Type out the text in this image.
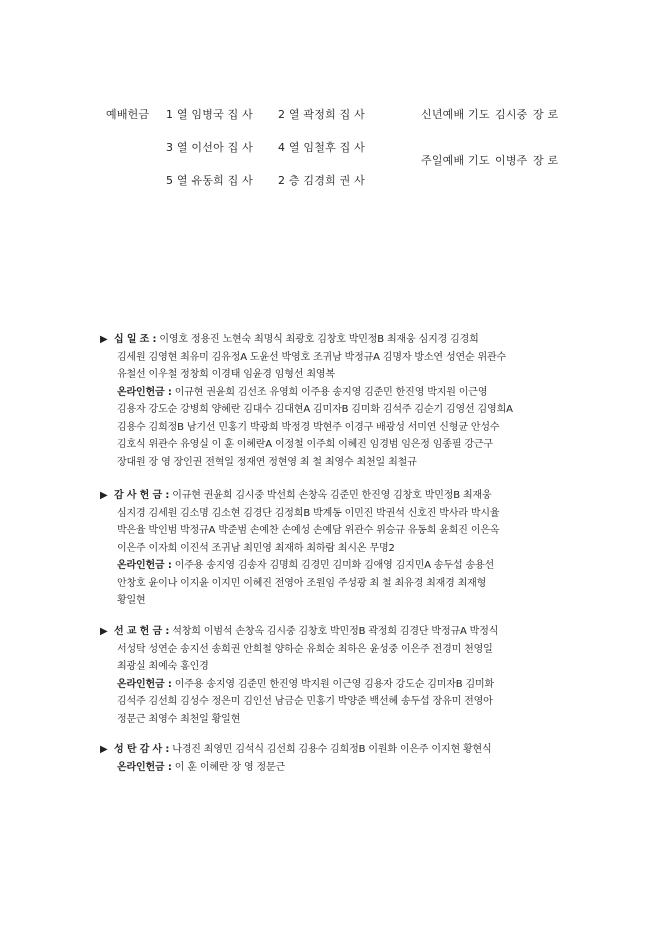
예배헌금 1 열 임병국 집 사 2 열 곽정희 집 사
3 열 이선아 집 사 4 열 임철후 집 사
5 열 유동희 집 사 2 층 김경희 권 사
신년예배 기도 김시중 장 로
주일예배 기도 이병주 장 로

▶ 십 일 조 : 이영호 정용진 노현숙 최명식 최광호 김창호 박민정B 최재웅 심지경 김경희

김세원 김영현 최유미 김유정A 도윤선 박영호 조귀남 박정규A 김명자 방소연 성연순 위관수

유철선 이우철 정창희 이경태 임윤경 임형선 최영복

온라인헌금 : 이규현 권윤희 김선조 유영희 이주용 송지영 김준민 한진영 박지원 이근영

김용자 강도순 강병희 양혜란 김대수 김대현A 김미자B 김미화 김석주 김순기 김영선 김영희A

김용수 김희정B 남기선 민홍기 박광희 박정경 박현주 이경구 배광성 서미연 신형균 안성수

김호식 위관수 유영실 이 훈 이혜란A 이정철 이주희 이혜진 임경범 임은정 임종필 강근구

장대원 장 영 장인권 전혁일 정재연 정현영 최 철 최영수 최천일 최철규

▶ 감 사 헌 금 : 이규현 권윤희 김시중 박선희 손창옥 김준민 한진영 김창호 박민정B 최재웅

심지경 김세원 김소명 김소현 김경단 김정희B 박계동 이민진 박권석 신호진 박사라 박시율

박은율 박인범 박정규A 박준범 손예찬 손예성 손예담 위관수 위승규 유동희 윤희진 이은옥

이은주 이자희 이진석 조귀남 최민영 최재하 최하람 최시온 무명2

온라인헌금 : 이주용 송지영 김송자 김명희 김경민 김미화 김애영 김지민A 송두섭 송용선

안창호 윤이나 이지윤 이지민 이혜진 전영아 조원임 주성광 최 철 최유경 최재경 최재형

황일현

▶ 선 교 헌 금 : 석창희 이범석 손창옥 김시중 김창호 박민정B 곽정희 김경단 박정규A 박정식

서성탁 성연순 송지선 송희권 안희철 양하순 유희순 최하은 윤성중 이은주 전경미 천영일

최광실 최예숙 홍인경

온라인헌금 : 이주용 송지영 김준민 한진영 박지원 이근영 김용자 강도순 김미자B 김미화

김석주 김선희 김성수 정은미 김인선 남금순 민홍기 박양준 백선혜 송두섭 장유미 전영아

정문근 최영수 최천일 황일현

▶ 성 탄 감 사 : 나경진 최영민 김석식 김선희 김용수 김희정B 이원화 이은주 이지현 황현식

온라인헌금 : 이 훈 이혜란 장 영 정문근
